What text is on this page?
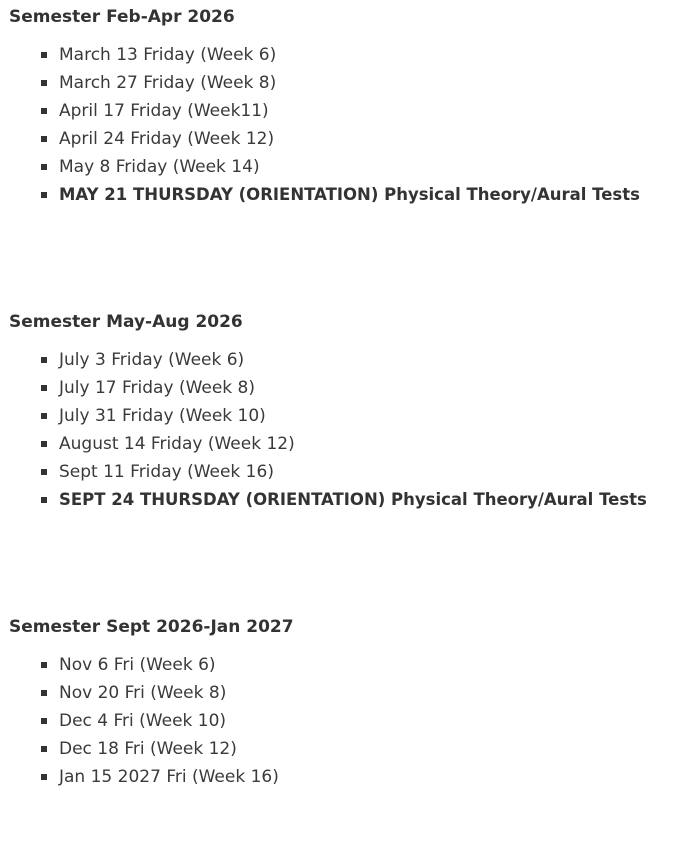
Semester Feb-Apr 2026
March 13 Friday (Week 6)
March 27 Friday (Week 8)
April 17 Friday (Week11)
April 24 Friday (Week 12)
May 8 Friday (Week 14)
MAY 21 THURSDAY (ORIENTATION) Physical Theory/Aural Tests
Semester May-Aug 2026
July 3 Friday (Week 6)
July 17 Friday (Week 8)
July 31 Friday (Week 10)
August 14 Friday (Week 12)
Sept 11 Friday (Week 16)
SEPT 24 THURSDAY (ORIENTATION) Physical Theory/Aural Tests
Semester Sept 2026-Jan 2027
Nov 6 Fri (Week 6)
Nov 20 Fri (Week 8)
Dec 4 Fri (Week 10)
Dec 18 Fri (Week 12)
Jan 15 2027 Fri (Week 16)
